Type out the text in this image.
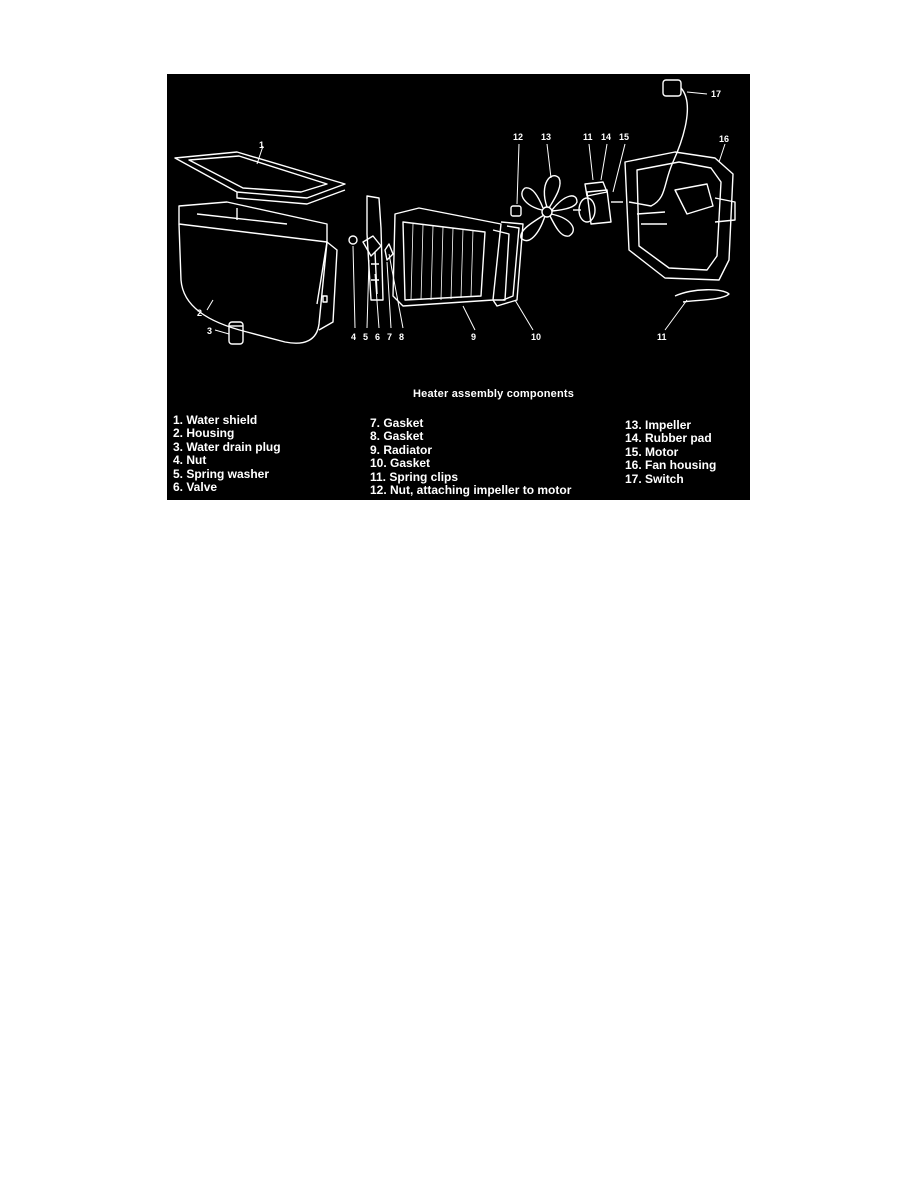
1
2
3
4 5 6 7 8	9	10	11
12 13	11 14 15	16
17
Heater assembly components
1. Water shield
2. Housing
3. Water drain plug
4. Nut
5. Spring washer
6. Valve
7. Gasket
8. Gasket
9. Radiator
10. Gasket
11. Spring clips
12. Nut, attaching impeller to motor
13. Impeller
14. Rubber pad
15. Motor
16. Fan housing
17. Switch
